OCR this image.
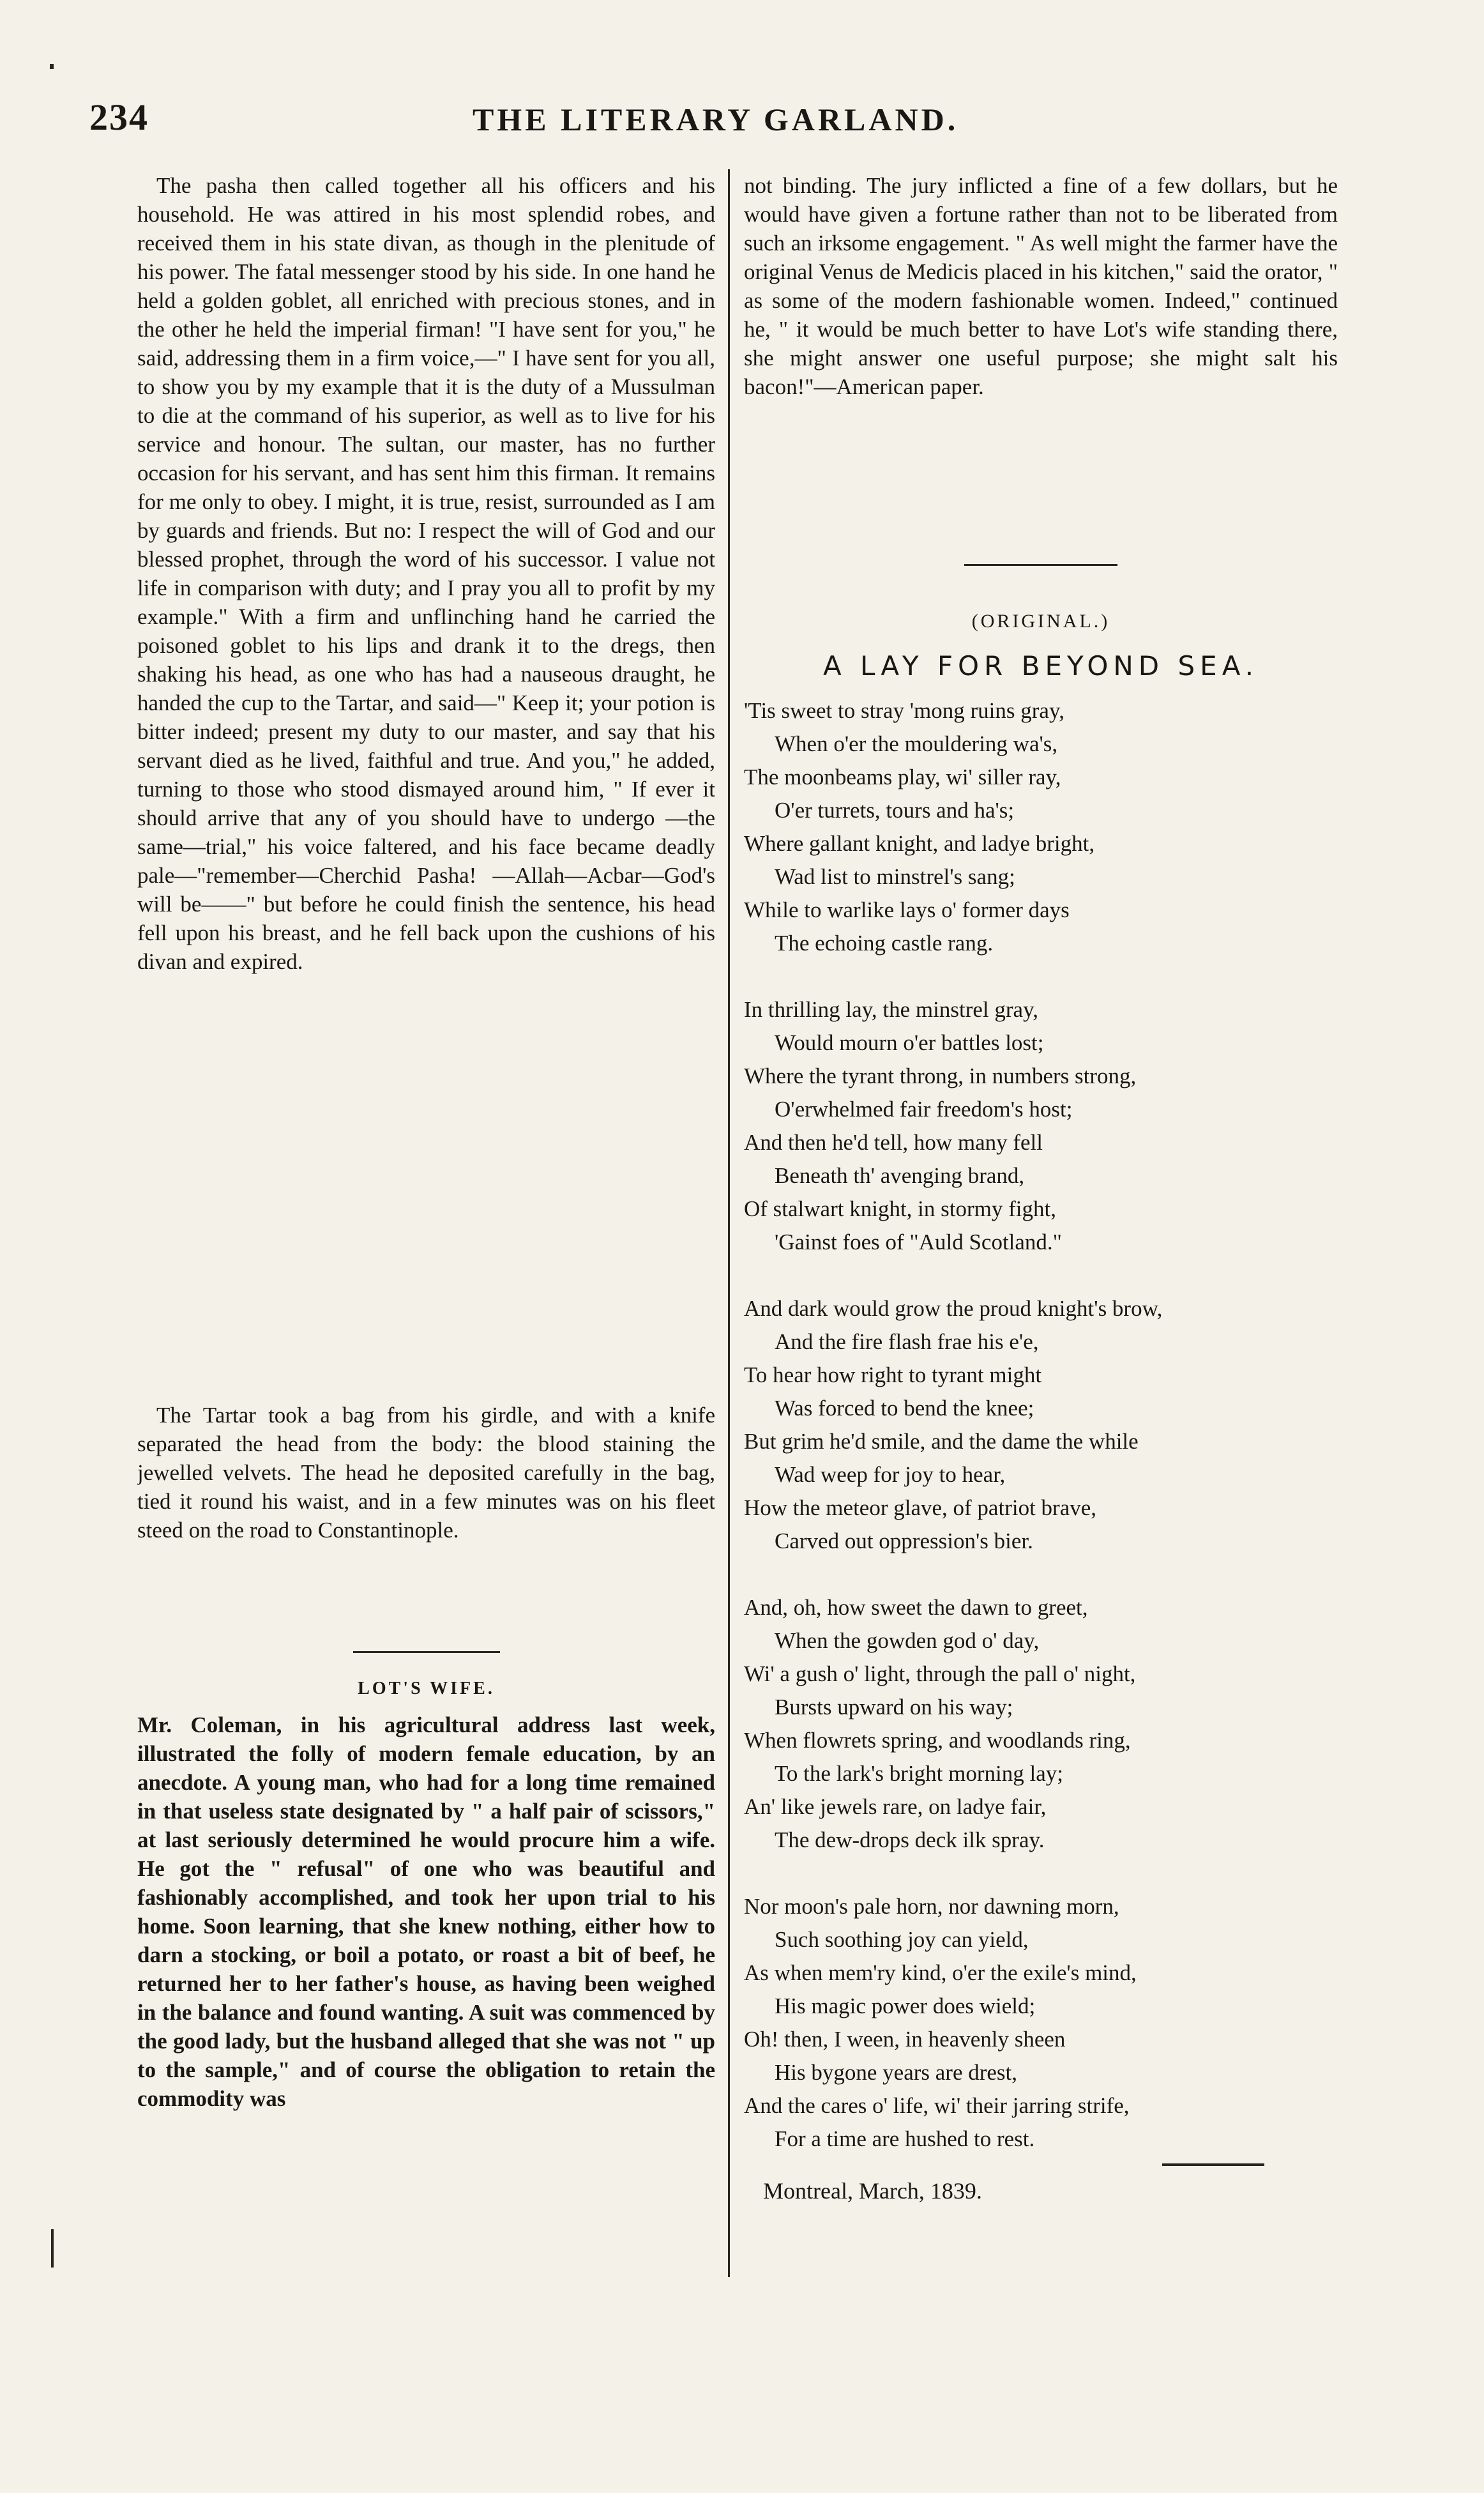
234	THE LITERARY GARLAND.

The pasha then called together all his officers and his household. He was attired in his most splendid robes, and received them in his state divan, as though in the plenitude of his power. The fatal messenger stood by his side. In one hand he held a golden goblet, all enriched with precious stones, and in the other he held the imperial firman! "I have sent for you," he said, addressing them in a firm voice,—" I have sent for you all, to show you by my example that it is the duty of a Mussulman to die at the command of his superior, as well as to live for his service and honour. The sultan, our master, has no further occasion for his servant, and has sent him this firman. It remains for me only to obey. I might, it is true, resist, surrounded as I am by guards and friends. But no: I respect the will of God and our blessed prophet, through the word of his successor. I value not life in comparison with duty; and I pray you all to profit by my example." With a firm and unflinching hand he carried the poisoned goblet to his lips and drank it to the dregs, then shaking his head, as one who has had a nauseous draught, he handed the cup to the Tartar, and said—" Keep it; your potion is bitter indeed; present my duty to our master, and say that his servant died as he lived, faithful and true. And you," he added, turning to those who stood dismayed around him, " If ever it should arrive that any of you should have to undergo —the same—trial," his voice faltered, and his face became deadly pale—"remember—Cherchid Pasha! —Allah—Acbar—God's will be——" but before he could finish the sentence, his head fell upon his breast, and he fell back upon the cushions of his divan and expired.

The Tartar took a bag from his girdle, and with a knife separated the head from the body: the blood staining the jewelled velvets. The head he deposited carefully in the bag, tied it round his waist, and in a few minutes was on his fleet steed on the road to Constantinople.

LOT'S WIFE.

Mr. Coleman, in his agricultural address last week, illustrated the folly of modern female education, by an anecdote. A young man, who had for a long time remained in that useless state designated by " a half pair of scissors," at last seriously determined he would procure him a wife. He got the " refusal" of one who was beautiful and fashionably accomplished, and took her upon trial to his home. Soon learning, that she knew nothing, either how to darn a stocking, or boil a potato, or roast a bit of beef, he returned her to her father's house, as having been weighed in the balance and found wanting. A suit was commenced by the good lady, but the husband alleged that she was not " up to the sample," and of course the obligation to retain the commodity was

not binding. The jury inflicted a fine of a few dollars, but he would have given a fortune rather than not to be liberated from such an irksome engagement. " As well might the farmer have the original Venus de Medicis placed in his kitchen," said the orator, " as some of the modern fashionable women. Indeed," continued he, " it would be much better to have Lot's wife standing there, she might answer one useful purpose; she might salt his bacon!"—American paper.

(ORIGINAL.)
A LAY FOR BEYOND SEA.
'Tis sweet to stray 'mong ruins gray,
When o'er the mouldering wa's,
The moonbeams play, wi' siller ray,
O'er turrets, tours and ha's;
Where gallant knight, and ladye bright,
Wad list to minstrel's sang;
While to warlike lays o' former days
The echoing castle rang.
In thrilling lay, the minstrel gray,
Would mourn o'er battles lost;
Where the tyrant throng, in numbers strong,
O'erwhelmed fair freedom's host;
And then he'd tell, how many fell
Beneath th' avenging brand,
Of stalwart knight, in stormy fight,
'Gainst foes of "Auld Scotland."
And dark would grow the proud knight's brow,
And the fire flash frae his e'e,
To hear how right to tyrant might
Was forced to bend the knee;
But grim he'd smile, and the dame the while
Wad weep for joy to hear,
How the meteor glave, of patriot brave,
Carved out oppression's bier.
And, oh, how sweet the dawn to greet,
When the gowden god o' day,
Wi' a gush o' light, through the pall o' night,
Bursts upward on his way;
When flowrets spring, and woodlands ring,
To the lark's bright morning lay;
An' like jewels rare, on ladye fair,
The dew-drops deck ilk spray.
Nor moon's pale horn, nor dawning morn,
Such soothing joy can yield,
As when mem'ry kind, o'er the exile's mind,
His magic power does wield;
Oh! then, I ween, in heavenly sheen
His bygone years are drest,
And the cares o' life, wi' their jarring strife,
For a time are hushed to rest.
Montreal, March, 1839.
